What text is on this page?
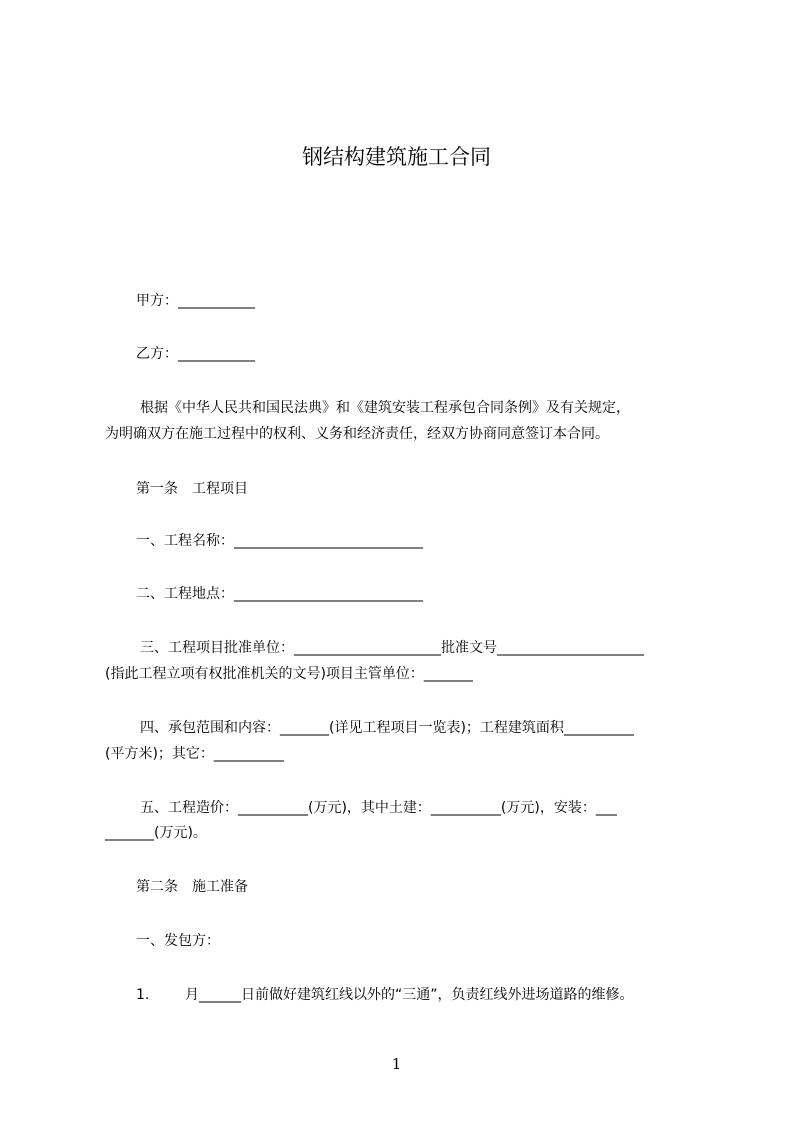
钢结构建筑施工合同
甲方：___________
乙方：___________
根据《中华人民共和国民法典》和《建筑安装工程承包合同条例》及有关规定，
为明确双方在施工过程中的权利、义务和经济责任，经双方协商同意签订本合同。
第一条　工程项目
一、工程名称：___________________________
二、工程地点：___________________________
三、工程项目批准单位：_____________________批准文号_____________________
(指此工程立项有权批准机关的文号)项目主管单位：_______
四、承包范围和内容：_______(详见工程项目一览表)；工程建筑面积__________
(平方米)；其它：__________
五、工程造价：__________(万元)，其中土建：__________(万元)，安装：___
_______(万元)。
第二条　施工准备
一、发包方：
1.	月______日前做好建筑红线以外的“三通”，负责红线外进场道路的维修。
1
